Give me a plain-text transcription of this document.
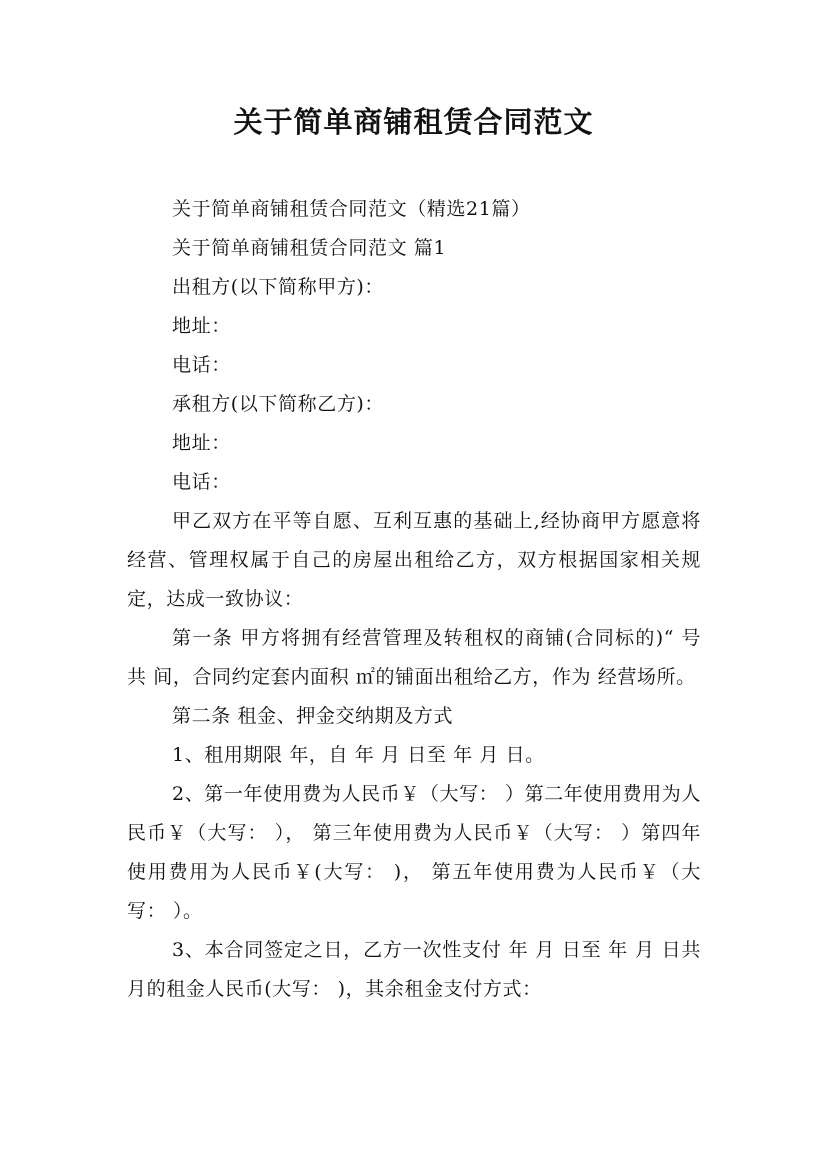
关于简单商铺租赁合同范文

关于简单商铺租赁合同范文（精选21篇）

关于简单商铺租赁合同范文 篇1

出租方(以下简称甲方)：

地址：

电话：

承租方(以下简称乙方)：

地址：

电话：

甲乙双方在平等自愿、互利互惠的基础上,经协商甲方愿意将经营、管理权属于自己的房屋出租给乙方，双方根据国家相关规定，达成一致协议：

第一条 甲方将拥有经营管理及转租权的商铺(合同标的)“ 号共 间，合同约定套内面积 ㎡的铺面出租给乙方，作为 经营场所。

第二条 租金、押金交纳期及方式

1、租用期限 年，自 年 月 日至 年 月 日。

2、第一年使用费为人民币￥（大写： ）第二年使用费用为人民币￥（大写： ）， 第三年使用费为人民币￥（大写： ）第四年使用费用为人民币￥(大写： )， 第五年使用费为人民币￥（大写： ）。

3、本合同签定之日，乙方一次性支付 年 月 日至 年 月 日共 月的租金人民币(大写： )，其余租金支付方式：
